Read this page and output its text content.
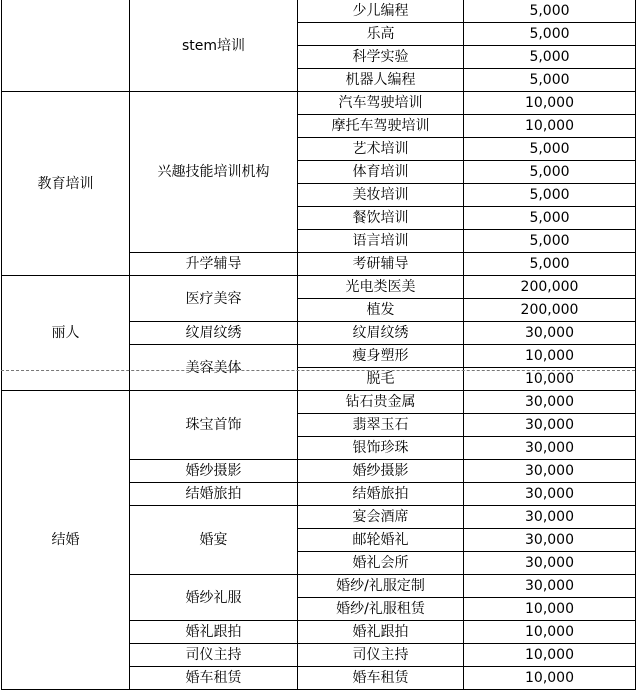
	stem培训	少儿编程	5,000
		乐高	5,000
		科学实验	5,000
		机器人编程	5,000
教育培训	兴趣技能培训机构	汽车驾驶培训	10,000
		摩托车驾驶培训	10,000
		艺术培训	5,000
		体育培训	5,000
		美妆培训	5,000
		餐饮培训	5,000
		语言培训	5,000
	升学辅导	考研辅导	5,000
丽人	医疗美容	光电类医美	200,000
		植发	200,000
	纹眉纹绣	纹眉纹绣	30,000
	美容美体	瘦身塑形	10,000
		脱毛	10,000
结婚	珠宝首饰	钻石贵金属	30,000
		翡翠玉石	30,000
		银饰珍珠	30,000
	婚纱摄影	婚纱摄影	30,000
	结婚旅拍	结婚旅拍	30,000
	婚宴	宴会酒席	30,000
		邮轮婚礼	30,000
		婚礼会所	30,000
	婚纱礼服	婚纱/礼服定制	30,000
		婚纱/礼服租赁	10,000
	婚礼跟拍	婚礼跟拍	10,000
	司仪主持	司仪主持	10,000
	婚车租赁	婚车租赁	10,000
